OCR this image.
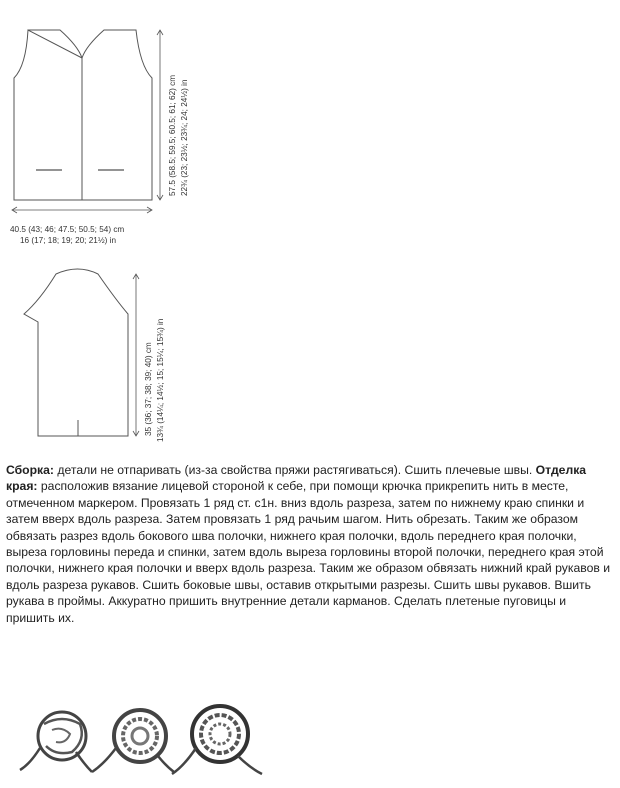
40.5 (43; 46; 47.5; 50.5; 54) cm
16 (17; 18; 19; 20; 21½) in
57.5 (58.5; 59.5; 60.5; 61; 62) cm 22¾ (23; 23½; 23¾; 24; 24½) in
35 (36; 37; 38; 39; 40) cm 13¾ (14¼; 14½; 15; 15¼; 15¾) in

Сборка: детали не отпаривать (из-за свойства пряжи растягиваться). Сшить плечевые швы. Отделка края: расположив вязание лицевой стороной к себе, при помощи крючка прикрепить нить в месте, отмеченном маркером. Провязать 1 ряд ст. с1н. вниз вдоль разреза, затем по нижнему краю спинки и затем вверх вдоль разреза. Затем провязать 1 ряд рачьим шагом. Нить обрезать. Таким же образом обвязать разрез вдоль бокового шва полочки, нижнего края полочки, вдоль переднего края полочки, выреза горловины переда и спинки, затем вдоль выреза горловины второй полочки, переднего края этой полочки, нижнего края полочки и вверх вдоль разреза. Таким же образом обвязать нижний край рукавов и вдоль разреза рукавов. Сшить боковые швы, оставив открытыми разрезы. Сшить швы рукавов. Вшить рукава в проймы. Аккуратно пришить внутренние детали карманов. Сделать плетеные пуговицы и пришить их.
